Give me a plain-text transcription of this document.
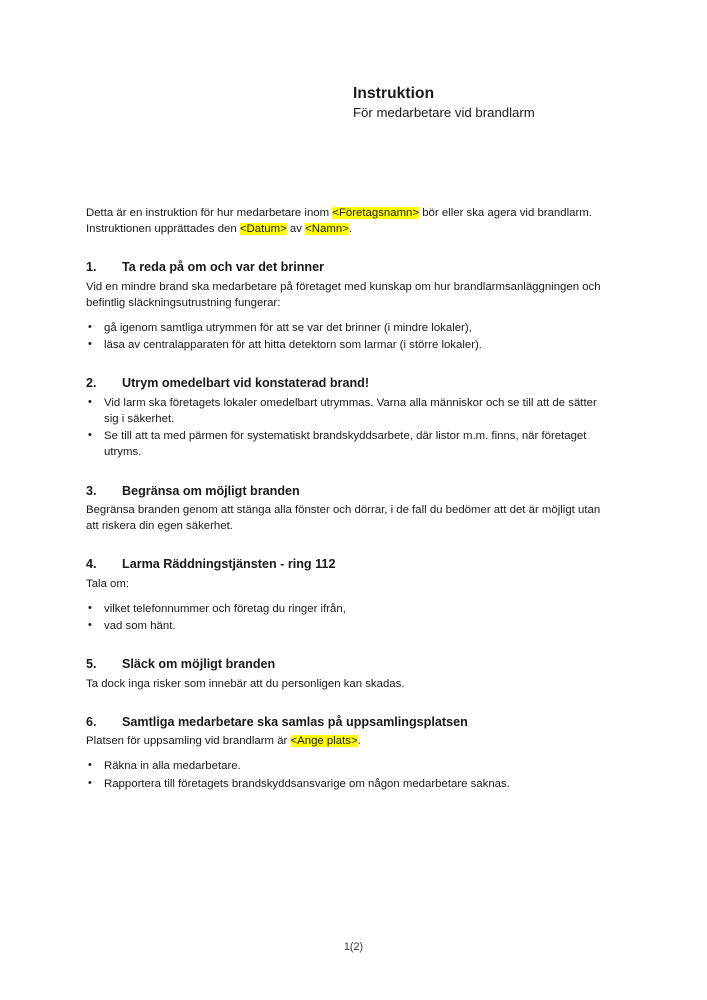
Instruktion
För medarbetare vid brandlarm

Detta är en instruktion för hur medarbetare inom <Företagsnamn> bör eller ska agera vid brandlarm. Instruktionen upprättades den <Datum> av <Namn>.

1.	Ta reda på om och var det brinner

Vid en mindre brand ska medarbetare på företaget med kunskap om hur brandlarmsanläggningen och befintlig släckningsutrustning fungerar:

• gå igenom samtliga utrymmen för att se var det brinner (i mindre lokaler),
• läsa av centralapparaten för att hitta detektorn som larmar (i större lokaler).
2.	Utrym omedelbart vid konstaterad brand!
• Vid larm ska företagets lokaler omedelbart utrymmas. Varna alla människor och se till att de sätter sig i säkerhet.
• Se till att ta med pärmen för systematiskt brandskyddsarbete, där listor m.m. finns, när företaget utryms.
3.	Begränsa om möjligt branden

Begränsa branden genom att stänga alla fönster och dörrar, i de fall du bedömer att det är möjligt utan att riskera din egen säkerhet.

4.	Larma Räddningstjänsten - ring 112

Tala om:

• vilket telefonnummer och företag du ringer ifrån,
• vad som hänt.
5.	Släck om möjligt branden

Ta dock inga risker som innebär att du personligen kan skadas.

6.	Samtliga medarbetare ska samlas på uppsamlingsplatsen

Platsen för uppsamling vid brandlarm är <Ange plats>.

• Räkna in alla medarbetare.
• Rapportera till företagets brandskyddsansvarige om någon medarbetare saknas.
1(2)
